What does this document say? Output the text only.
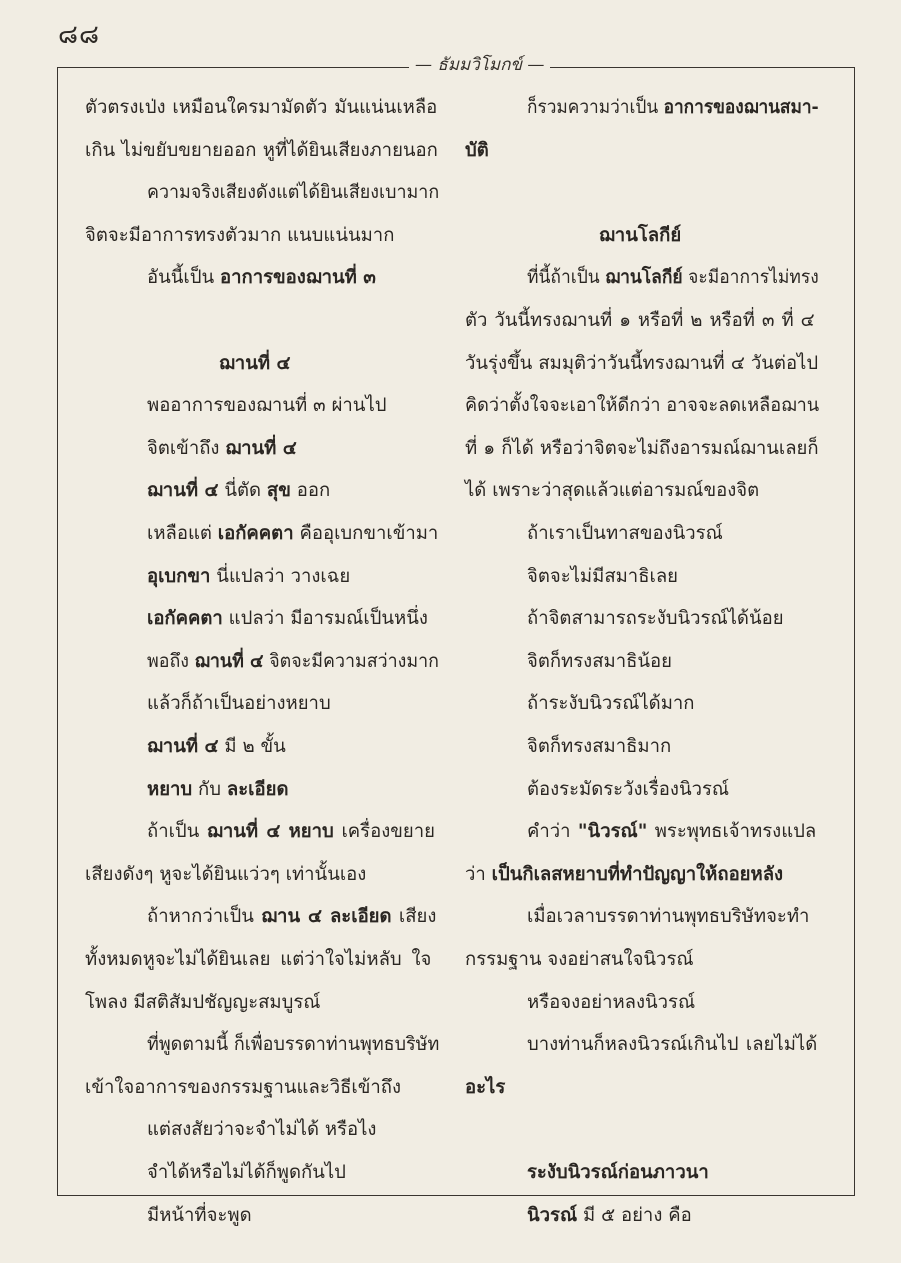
๘๘
— ธัมมวิโมกข์ —
ตัวตรงเป่ง เหมือนใครมามัดตัว มันแน่นเหลือ
เกิน ไม่ขยับขยายออก หูที่ได้ยินเสียงภายนอก
ความจริงเสียงดังแต่ได้ยินเสียงเบามาก
จิตจะมีอาการทรงตัวมาก แนบแน่นมาก
อันนี้เป็น อาการของฌานที่ ๓
ฌานที่ ๔
พออาการของฌานที่ ๓ ผ่านไป
จิตเข้าถึง ฌานที่ ๔
ฌานที่ ๔ นี่ตัด สุข ออก
เหลือแต่ เอกัคคตา คืออุเบกขาเข้ามา
อุเบกขา นี่แปลว่า วางเฉย
เอกัคคตา แปลว่า มีอารมณ์เป็นหนึ่ง
พอถึง ฌานที่ ๔ จิตจะมีความสว่างมาก
แล้วก็ถ้าเป็นอย่างหยาบ
ฌานที่ ๔ มี ๒ ขั้น
หยาบ กับ ละเอียด
ถ้าเป็น ฌานที่ ๔ หยาบ เครื่องขยาย
เสียงดังๆ หูจะได้ยินแว่วๆ เท่านั้นเอง
ถ้าหากว่าเป็น ฌาน ๔ ละเอียด เสียง
ทั้งหมดหูจะไม่ได้ยินเลย แต่ว่าใจไม่หลับ ใจ
โพลง มีสติสัมปชัญญะสมบูรณ์
ที่พูดตามนี้ ก็เพื่อบรรดาท่านพุทธบริษัท
เข้าใจอาการของกรรมฐานและวิธีเข้าถึง
แต่สงสัยว่าจะจำไม่ได้ หรือไง
จำได้หรือไม่ได้ก็พูดกันไป
มีหน้าที่จะพูด
ก็รวมความว่าเป็น อาการของฌานสมา-
บัติ
ฌานโลกีย์
ที่นี้ถ้าเป็น ฌานโลกีย์ จะมีอาการไม่ทรง
ตัว วันนี้ทรงฌานที่ ๑ หรือที่ ๒ หรือที่ ๓ ที่ ๔
วันรุ่งขึ้น สมมุติว่าวันนี้ทรงฌานที่ ๔ วันต่อไป
คิดว่าตั้งใจจะเอาให้ดีกว่า อาจจะลดเหลือฌาน
ที่ ๑ ก็ได้ หรือว่าจิตจะไม่ถึงอารมณ์ฌานเลยก็
ได้ เพราะว่าสุดแล้วแต่อารมณ์ของจิต
ถ้าเราเป็นทาสของนิวรณ์
จิตจะไม่มีสมาธิเลย
ถ้าจิตสามารถระงับนิวรณ์ได้น้อย
จิตก็ทรงสมาธิน้อย
ถ้าระงับนิวรณ์ได้มาก
จิตก็ทรงสมาธิมาก
ต้องระมัดระวังเรื่องนิวรณ์
คำว่า "นิวรณ์" พระพุทธเจ้าทรงแปล
ว่า เป็นกิเลสหยาบที่ทำปัญญาให้ถอยหลัง
เมื่อเวลาบรรดาท่านพุทธบริษัทจะทำ
กรรมฐาน จงอย่าสนใจนิวรณ์
หรือจงอย่าหลงนิวรณ์
บางท่านก็หลงนิวรณ์เกินไป เลยไม่ได้
อะไร
ระงับนิวรณ์ก่อนภาวนา
นิวรณ์ มี ๕ อย่าง คือ
